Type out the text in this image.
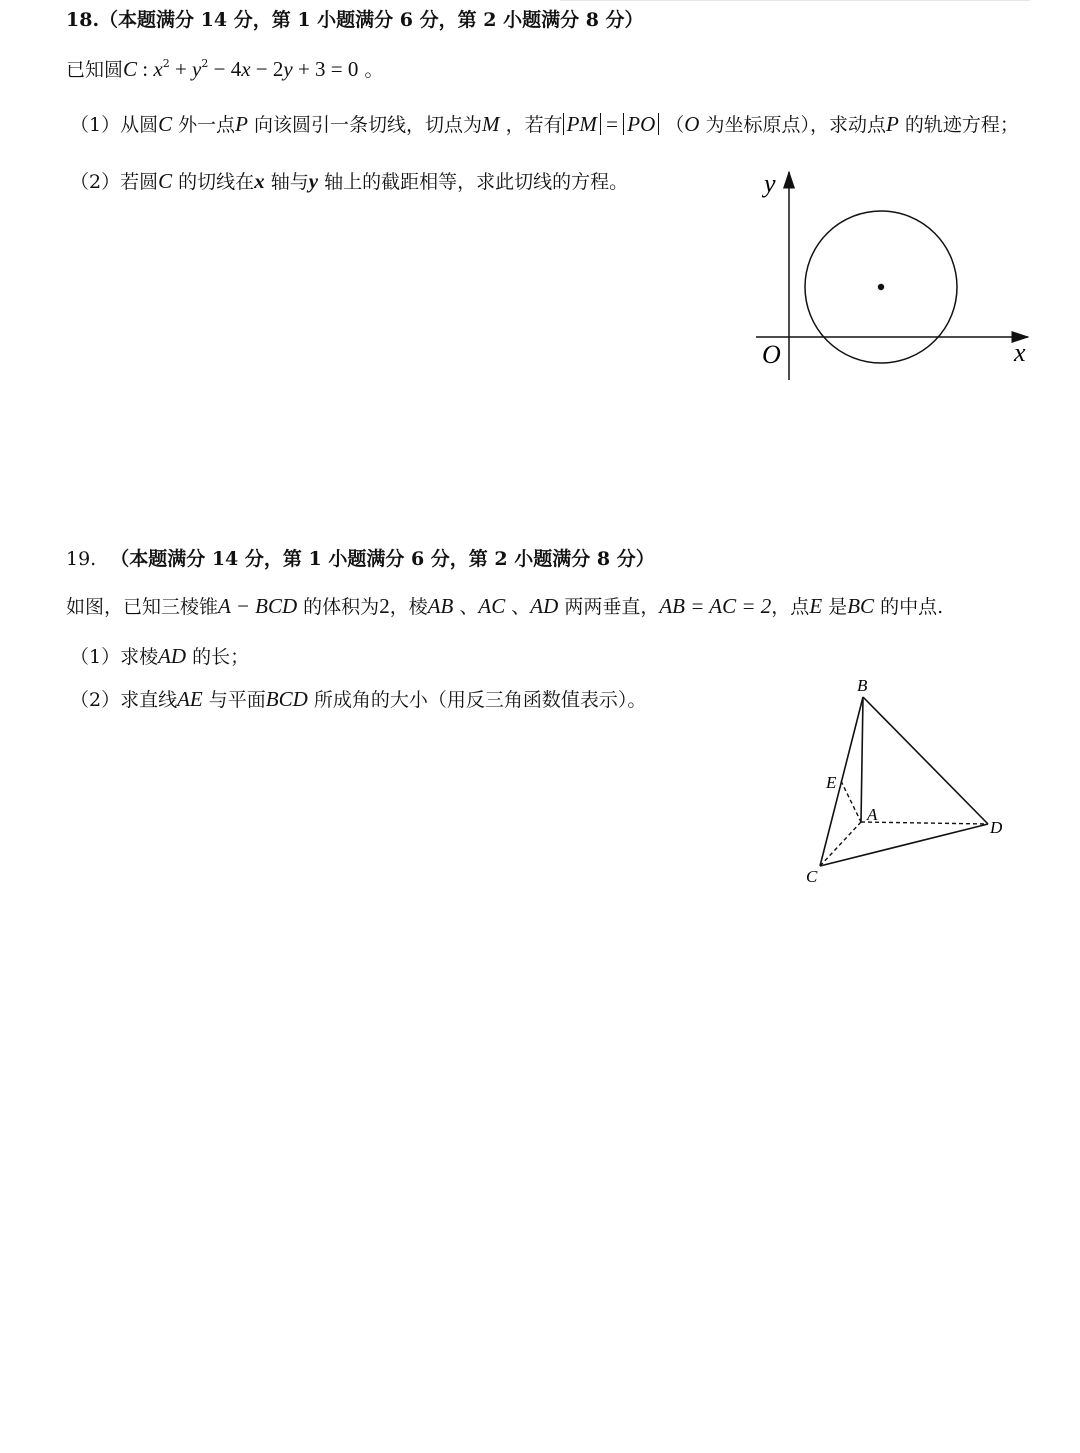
18.（本题满分 14 分，第 1 小题满分 6 分，第 2 小题满分 8 分）
已知圆C : $x^2 + y^2 - 4x - 2y + 3 = 0$ 。
（1）从圆C 外一点P 向该圆引一条切线，切点为M ，若有 PM = PO （O 为坐标原点），求动点P 的轨迹方程；
（2）若圆C 的切线在x 轴与y 轴上的截距相等，求此切线的方程。	y
O	x
19. （本题满分 14 分，第 1 小题满分 6 分，第 2 小题满分 8 分）
如图，已知三棱锥A − BCD 的体积为2，棱AB 、AC 、AD 两两垂直，AB = AC = 2，点E 是BC 的中点.
（1）求棱AD 的长；
（2）求直线AE 与平面BCD 所成角的大小（用反三角函数值表示）。
B
E
A
D
C
